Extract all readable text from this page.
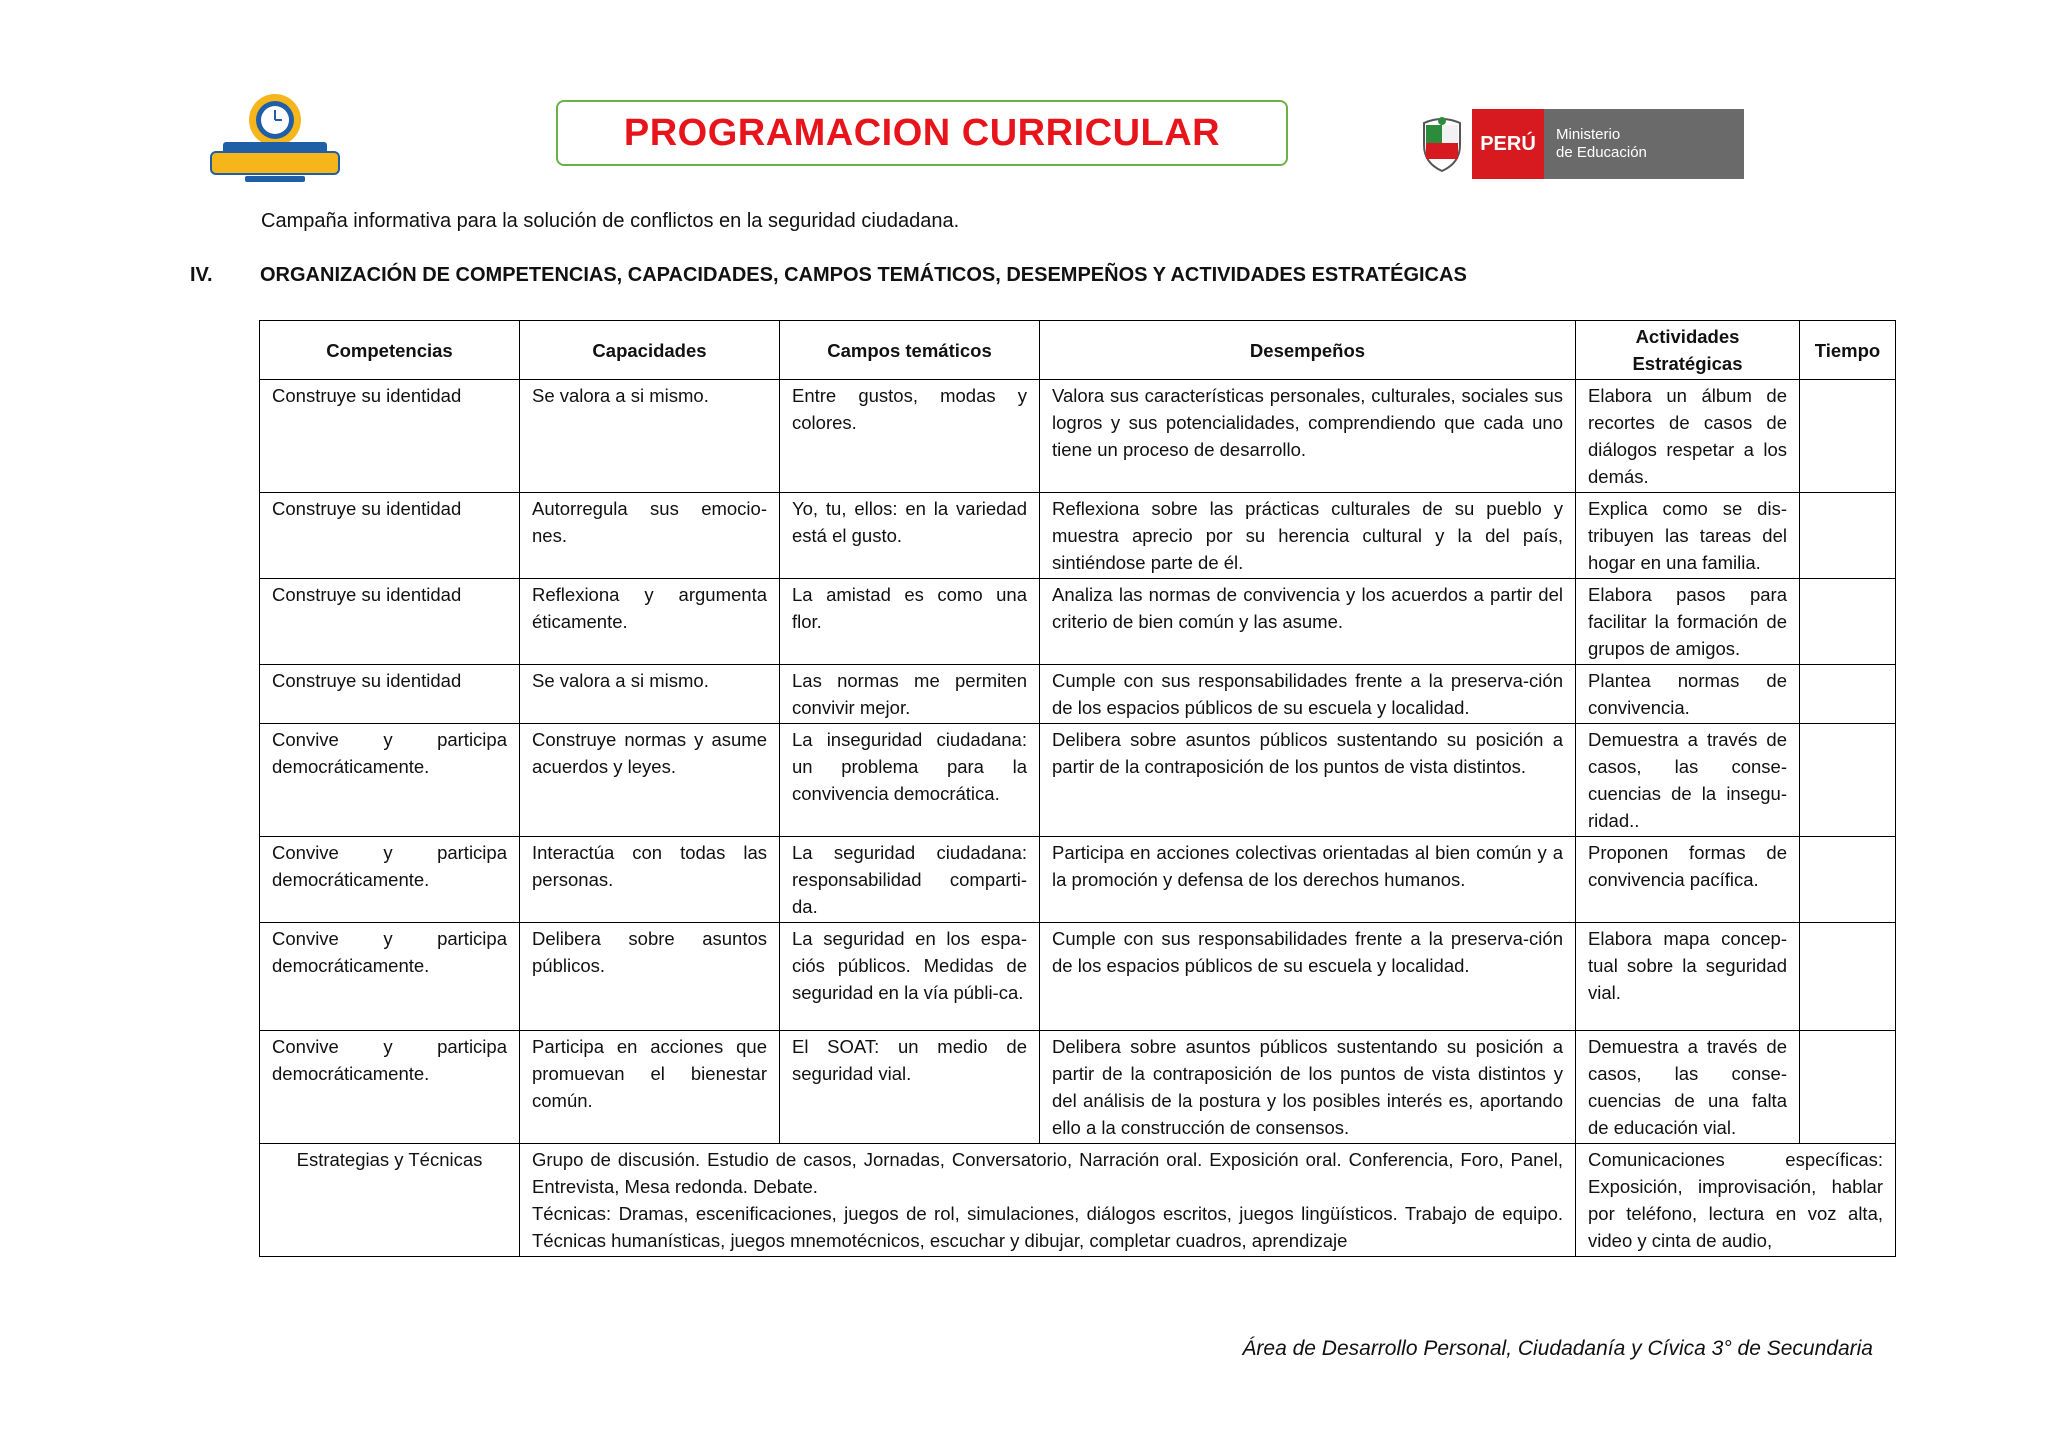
PROGRAMACION CURRICULAR	PERÚ	Ministerio
de Educación
Campaña informativa para la solución de conflictos en la seguridad ciudadana.
IV. ORGANIZACIÓN DE COMPETENCIAS, CAPACIDADES, CAMPOS TEMÁTICOS, DESEMPEÑOS Y ACTIVIDADES ESTRATÉGICAS
Competencias	Capacidades	Campos temáticos	Desempeños	Actividades Estratégicas	Tiempo
Construye su identidad	Se valora a si mismo.	Entre gustos, modas y colores.	Valora sus características personales, culturales, sociales sus logros y sus potencialidades, comprendiendo que cada uno tiene un proceso de desarrollo.	Elabora un álbum de recortes de casos de diálogos respetar a los demás.	
Construye su identidad	Autorregula sus emocio-nes.	Yo, tu, ellos: en la variedad está el gusto.	Reflexiona sobre las prácticas culturales de su pueblo y muestra aprecio por su herencia cultural y la del país, sintiéndose parte de él.	Explica como se dis-tribuyen las tareas del hogar en una familia.	
Construye su identidad	Reflexiona y argumenta éticamente.	La amistad es como una flor.	Analiza las normas de convivencia y los acuerdos a partir del criterio de bien común y las asume.	Elabora pasos para facilitar la formación de grupos de amigos.	
Construye su identidad	Se valora a si mismo.	Las normas me permiten convivir mejor.	Cumple con sus responsabilidades frente a la preserva-ción de los espacios públicos de su escuela y localidad.	Plantea normas de convivencia.	
Convive y participa democráticamente.	Construye normas y asume acuerdos y leyes.	La inseguridad ciudadana: un problema para la convivencia democrática.	Delibera sobre asuntos públicos sustentando su posición a partir de la contraposición de los puntos de vista distintos.	Demuestra a través de casos, las conse-cuencias de la insegu-ridad..	
Convive y participa democráticamente.	Interactúa con todas las personas.	La seguridad ciudadana: responsabilidad comparti-da.	Participa en acciones colectivas orientadas al bien común y a la promoción y defensa de los derechos humanos.	Proponen formas de convivencia pacífica.	
Convive y participa democráticamente.	Delibera sobre asuntos públicos.	La seguridad en los espa-ciós públicos. Medidas de seguridad en la vía públi-ca.	Cumple con sus responsabilidades frente a la preserva-ción de los espacios públicos de su escuela y localidad.	Elabora mapa concep-tual sobre la seguridad vial.	
Convive y participa democráticamente.	Participa en acciones que promuevan el bienestar común.	El SOAT: un medio de seguridad vial.	Delibera sobre asuntos públicos sustentando su posición a partir de la contraposición de los puntos de vista distintos y del análisis de la postura y los posibles interés es, aportando ello a la construcción de consensos.	Demuestra a través de casos, las conse-cuencias de una falta de educación vial.	
Estrategias y Técnicas	Grupo de discusión. Estudio de casos, Jornadas, Conversatorio, Narración oral. Exposición oral. Conferencia, Foro, Panel, Entrevista, Mesa redonda. Debate.
Técnicas: Dramas, escenificaciones, juegos de rol, simulaciones, diálogos escritos, juegos lingüísticos. Trabajo de equipo. Técnicas humanísticas, juegos mnemotécnicos, escuchar y dibujar, completar cuadros, aprendizaje			Comunicaciones específicas: Exposición, improvisación, hablar por teléfono, lectura en voz alta, video y cinta de audio,	
Área de Desarrollo Personal, Ciudadanía y Cívica 3° de Secundaria
